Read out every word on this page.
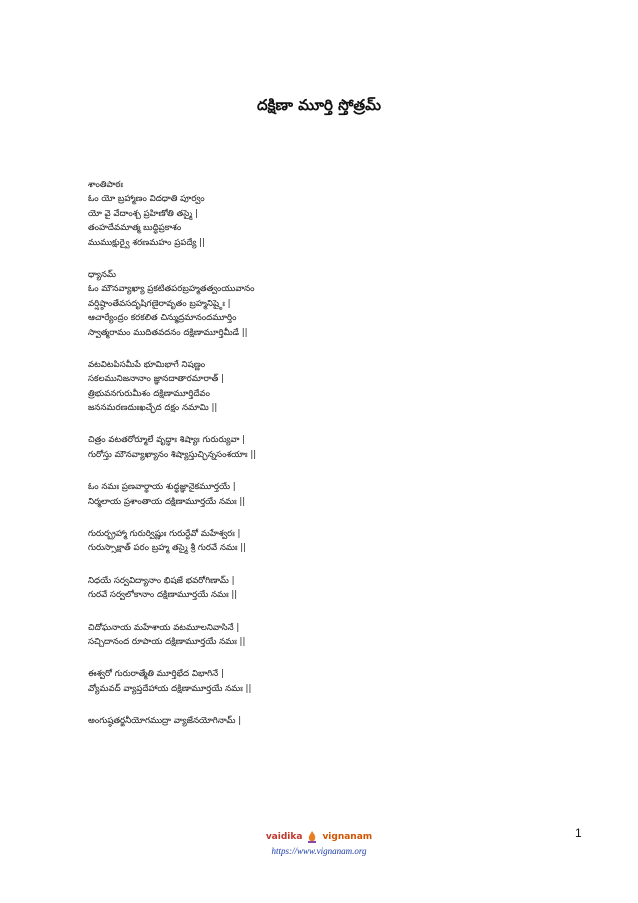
దక్షిణా మూర్తి స్తోత్రమ్
శాంతిపాఠః
ఓం యో బ్రహ్మాణం విదధాతి పూర్వం
యో వై వేదాంశ్చ ప్రహిణోతి తస్మై |
తంహదేవమాత్మ బుద్ధిప్రకాశం
ముముక్షుర్వై శరణమహం ప్రపద్యే ||
ధ్యానమ్
ఓం మౌనవ్యాఖ్యా ప్రకటితపరబ్రహ్మతత్వంయువానం
వర్షిష్ఠాంతేవసదృషిగణైరావృతం బ్రహ్మనిష్ఠైః |
ఆచార్యేంద్రం కరకలిత చిన్ముద్రమానందమూర్తిం
స్వాత్మరామం ముదితవదనం దక్షిణామూర్తిమీడే ||
వటవిటపిసమీపే భూమిభాగే నిషణ్ణం
సకలమునిజనానాం జ్ఞానదాతారమారాత్ |
త్రిభువనగురుమీశం దక్షిణామూర్తిదేవం
జననమరణదుఃఖచ్ఛేద దక్షం నమామి ||
చిత్రం వటతరోర్మూలే వృద్ధాః శిష్యాః గురుర్యువా |
గురోస్తు మౌనవ్యాఖ్యానం శిష్యాస్తుచ్ఛిన్నసంశయాః ||
ఓం నమః ప్రణవార్థాయ శుద్ధజ్ఞానైకమూర్తయే |
నిర్మలాయ ప్రశాంతాయ దక్షిణామూర్తయే నమః ||
గురుర్బ్రహ్మా గురుర్విష్ణుః గురుర్దేవో మహేశ్వరః |
గురుస్సాక్షాత్ పరం బ్రహ్మ తస్మై శ్రీ గురవే నమః ||
నిధయే సర్వవిద్యానాం భిషజే భవరోగిణామ్ |
గురవే సర్వలోకానాం దక్షిణామూర్తయే నమః ||
చిదోఘనాయ మహేశాయ వటమూలనివాసినే |
సచ్చిదానంద రూపాయ దక్షిణామూర్తయే నమః ||
ఈశ్వరో గురురాత్మేతి మూర్తిభేద విభాగినే |
వ్యోమవద్ వ్యాప్తదేహాయ దక్షిణామూర్తయే నమః ||
అంగుష్ఠతర్జనీయోగముద్రా వ్యాజేనయోగినామ్ |
vaidika vignanam
https://www.vignanam.org
1
